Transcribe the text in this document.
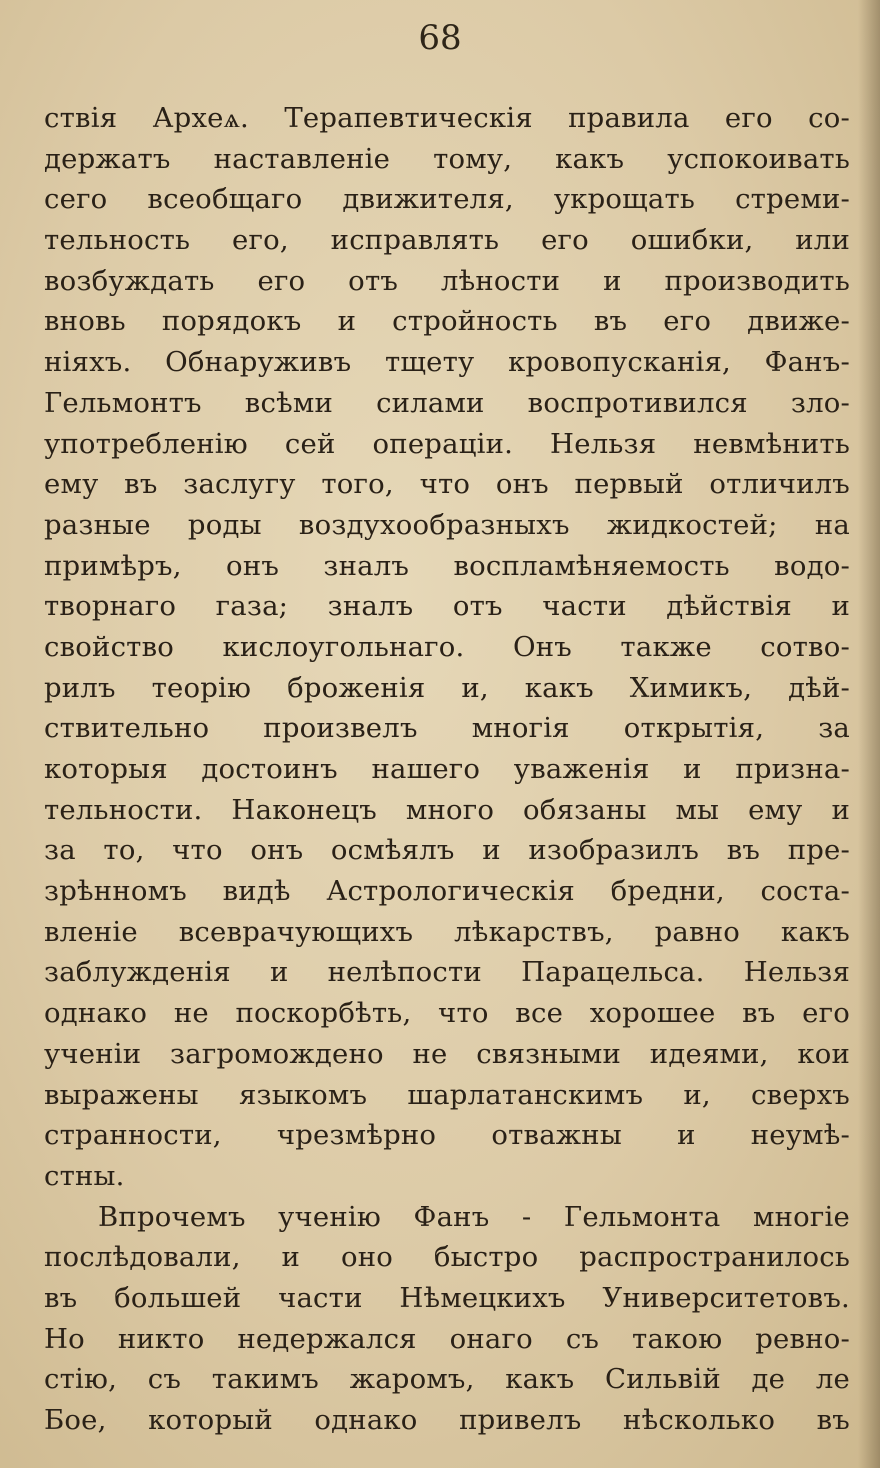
68
ствія Археѧ. Терапевтическія правила его со-
держатъ наставленіе тому, какъ успокоивать
сего всеобщаго движителя, укрощать стреми-
тельность его, исправлять его ошибки, или
возбуждать его отъ лѣности и производить
вновь порядокъ и стройность въ его движе-
ніяхъ. Обнаруживъ тщету кровопусканія, Фанъ-
Гельмонтъ всѣми силами воспротивился зло-
употребленію сей операціи. Нельзя невмѣнить
ему въ заслугу того, что онъ первый отличилъ
разные роды воздухообразныхъ жидкостей; на
примѣръ, онъ зналъ воспламѣняемость водо-
творнаго газа; зналъ отъ части дѣйствія и
свойство кислоугольнаго. Онъ также сотво-
рилъ теорію броженія и, какъ Химикъ, дѣй-
ствительно произвелъ многія открытія, за
которыя достоинъ нашего уваженія и призна-
тельности. Наконецъ много обязаны мы ему и
за то, что онъ осмѣялъ и изобразилъ въ пре-
зрѣнномъ видѣ Астрологическія бредни, соста-
вленіе всеврачующихъ лѣкарствъ, равно какъ
заблужденія и нелѣпости Парацельса. Нельзя
однако не поскорбѣть, что все хорошее въ его
ученіи загромождено не связными идеями, кои
выражены языкомъ шарлатанскимъ и, сверхъ
странности, чрезмѣрно отважны и неумѣ-
стны.
Впрочемъ ученію Фанъ - Гельмонта многіе
послѣдовали, и оно быстро распространилось
въ большей части Нѣмецкихъ Университетовъ.
Но никто недержался онаго съ такою ревно-
стію, съ такимъ жаромъ, какъ Сильвій де ле
Бое, который однако привелъ нѣсколько въ
